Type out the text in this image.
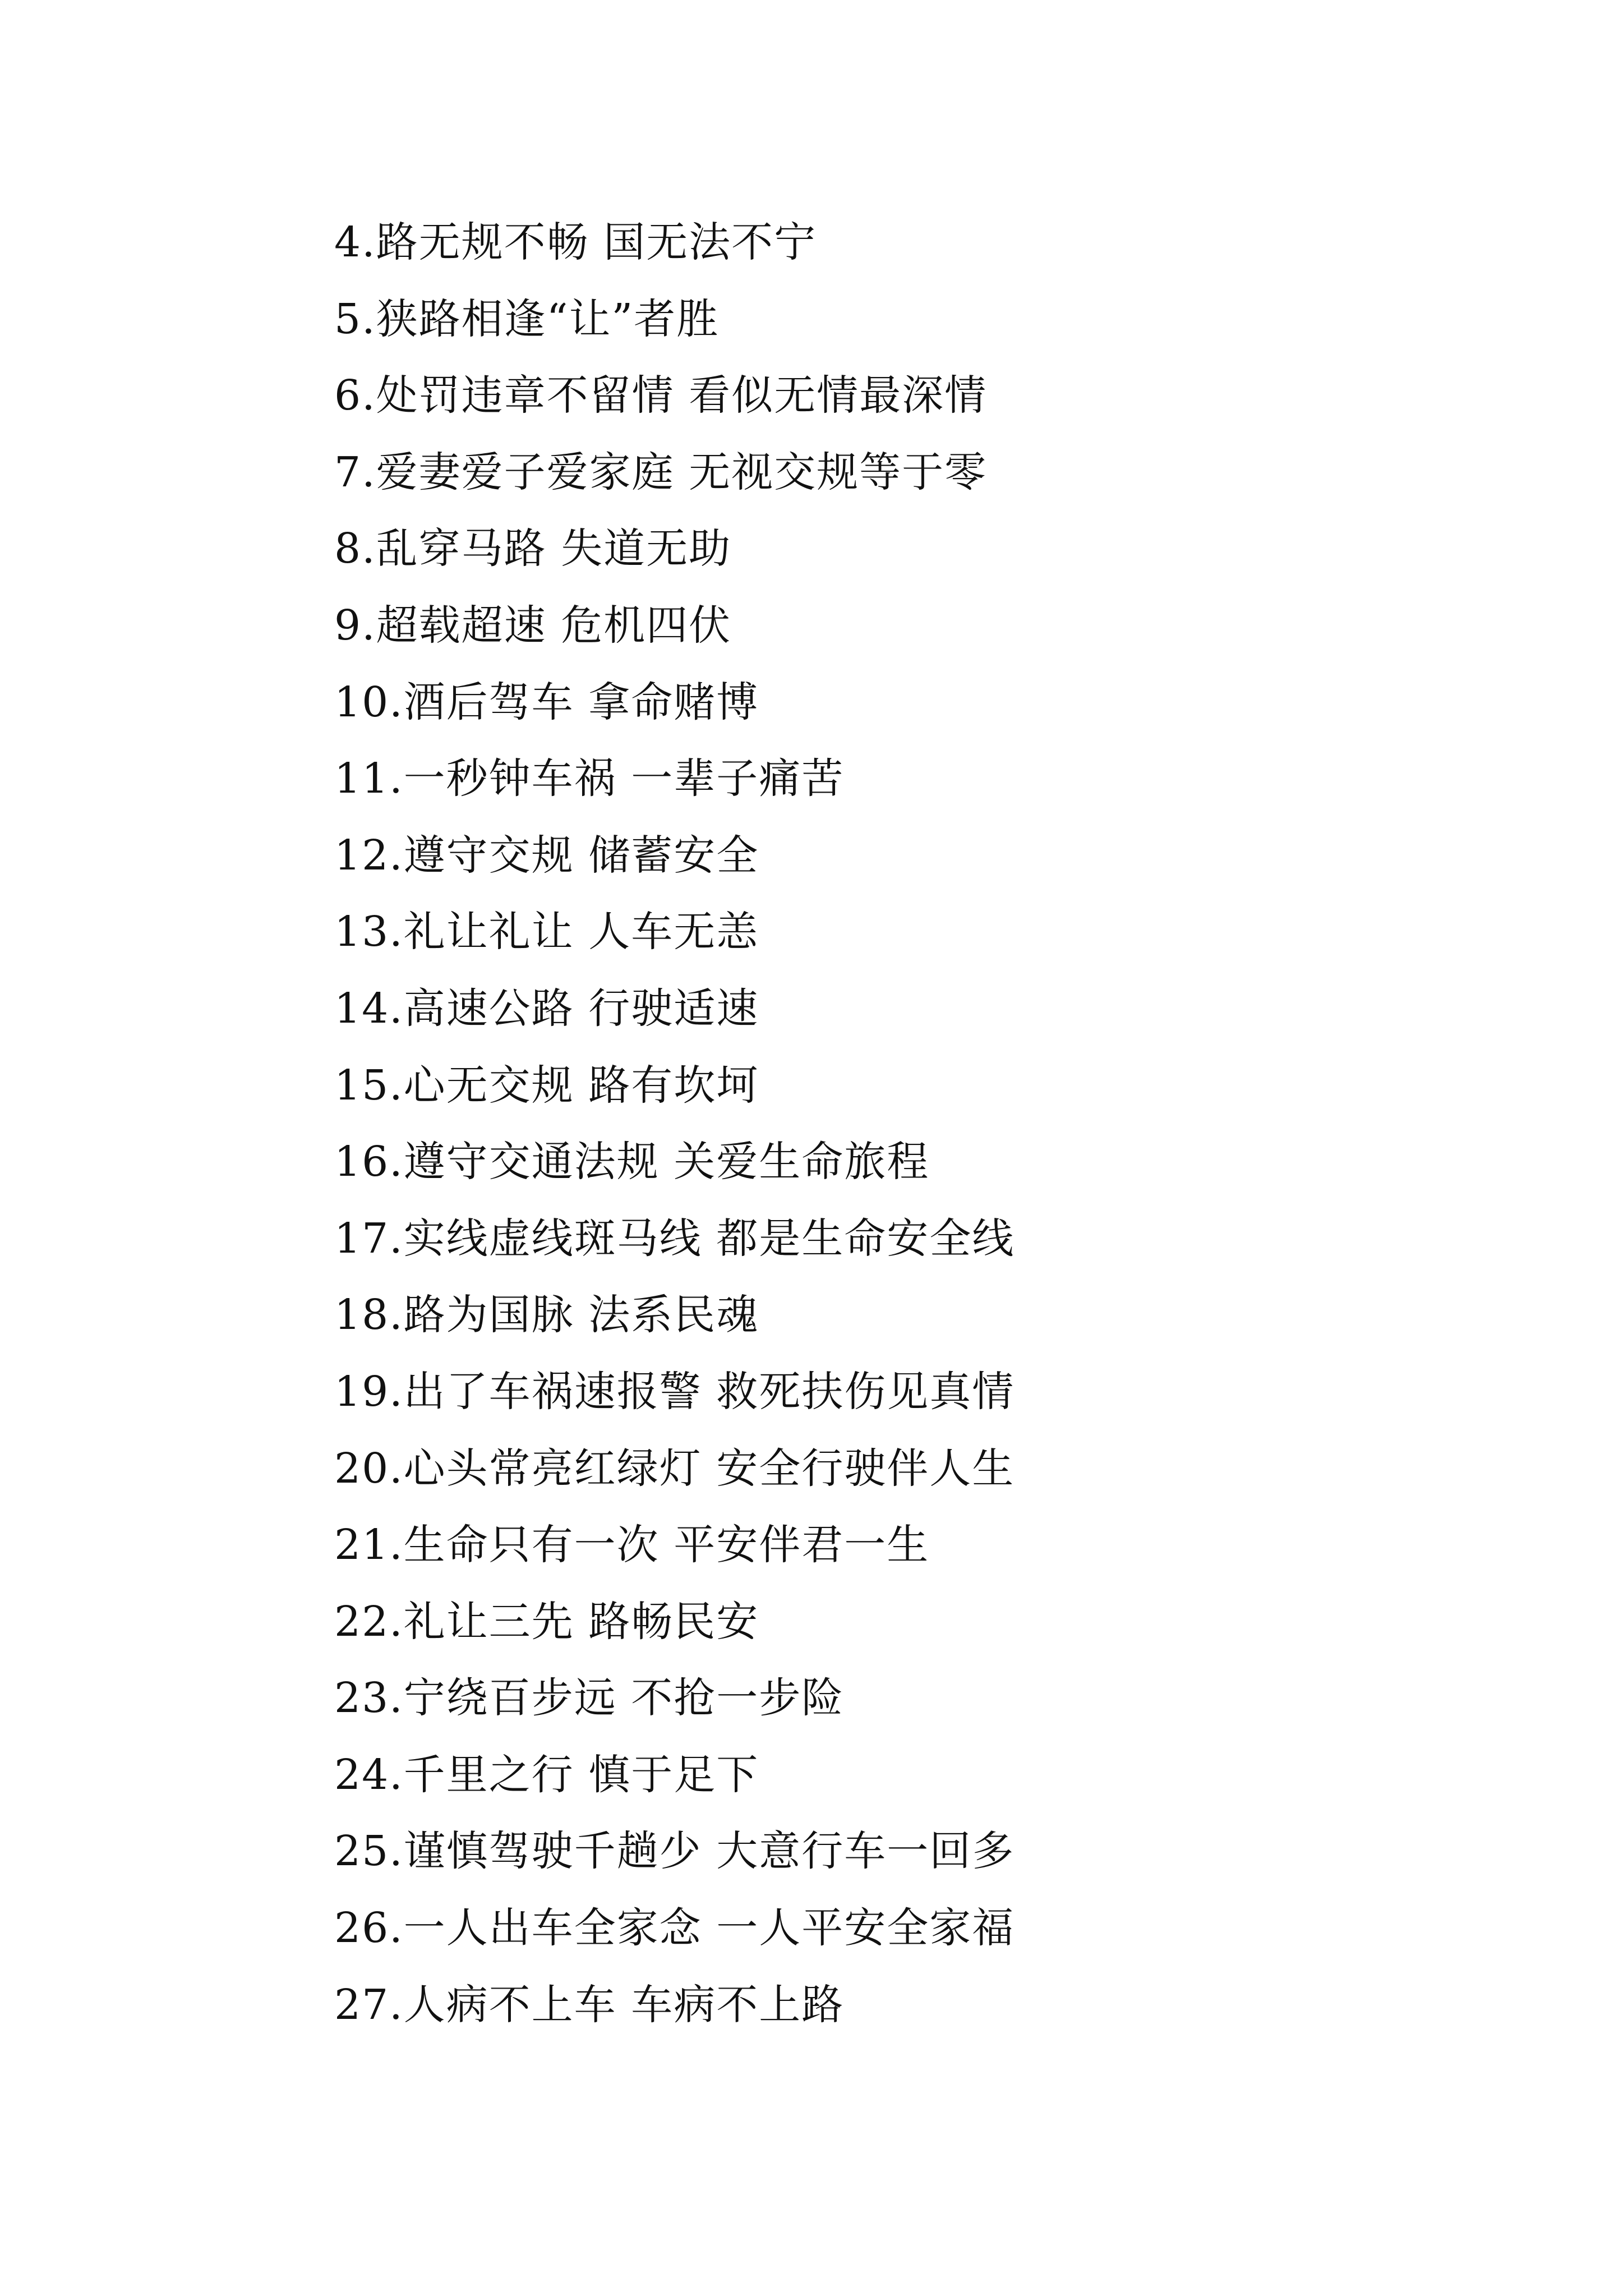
4.路无规不畅 国无法不宁
5.狭路相逢“让”者胜
6.处罚违章不留情 看似无情最深情
7.爱妻爱子爱家庭 无视交规等于零
8.乱穿马路 失道无助
9.超载超速 危机四伏
10.酒后驾车 拿命赌博
11.一秒钟车祸 一辈子痛苦
12.遵守交规 储蓄安全
13.礼让礼让 人车无恙
14.高速公路 行驶适速
15.心无交规 路有坎坷
16.遵守交通法规 关爱生命旅程
17.实线虚线斑马线 都是生命安全线
18.路为国脉 法系民魂
19.出了车祸速报警 救死扶伤见真情
20.心头常亮红绿灯 安全行驶伴人生
21.生命只有一次 平安伴君一生
22.礼让三先 路畅民安
23.宁绕百步远 不抢一步险
24.千里之行 慎于足下
25.谨慎驾驶千趟少 大意行车一回多
26.一人出车全家念 一人平安全家福
27.人病不上车 车病不上路
